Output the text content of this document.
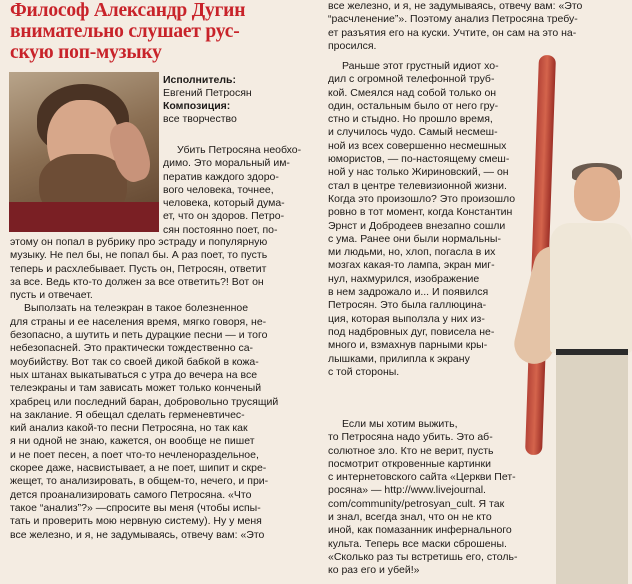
Философ Александр Дугин
внимательно слушает рус-
скую поп-музыку
Исполнитель:
Евгений Петросян
Композиция:
все творчество
Убить Петросяна необхо-
димо. Это моральный им-
ператив каждого здоро-
вого человека, точнее,
человека, который дума-
ет, что он здоров. Петро-
сян постоянно поет, по-
этому он попал в рубрику про эстраду и популярную
музыку. Не пел бы, не попал бы. А раз поет, то пусть
теперь и расхлебывает. Пусть он, Петросян, ответит
за все. Ведь кто-то должен за все ответить?! Вот он
пусть и отвечает.
Выползать на телеэкран в такое болезненное
для страны и ее населения время, мягко говоря, не-
безопасно, а шутить и петь дурацкие песни — и того
небезопасней. Это практически тождественно са-
моубийству. Вот так со своей дикой бабкой в кожа-
ных штанах выкатываться с утра до вечера на все
телеэкраны и там зависать может только конченый
храбрец или последний баран, добровольно трусящий
на заклание. Я обещал сделать герменевтичес-
кий анализ какой-то песни Петросяна, но так как
я ни одной не знаю, кажется, он вообще не пишет
и не поет песен, а поет что-то нечленораздельное,
скорее даже, насвистывает, а не поет, шипит и скре-
жещет, то анализировать, в общем-то, нечего, и при-
дется проанализировать самого Петросяна. «Что
такое “анализ”?» —спросите вы меня (чтобы испы-
тать и проверить мою нервную систему). Ну у меня
все железно, и я, не задумываясь, отвечу вам: «Это
все железно, и я, не задумываясь, отвечу вам: «Это
“расчленение”». Поэтому анализ Петросяна требу-
ет разъятия его на куски. Учтите, он сам на это на-
просился.
Раньше этот грустный идиот хо-
дил с огромной телефонной труб-
кой. Смеялся над собой только он
один, остальным было от него гру-
стно и стыдно. Но прошло время,
и случилось чудо. Самый несмеш-
ной из всех совершенно несмешных
юмористов, — по-настоящему смеш-
ной у нас только Жириновский, — он
стал в центре телевизионной жизни.
Когда это произошло? Это произошло
ровно в тот момент, когда Константин
Эрнст и Добродеев внезапно сошли
с ума. Ранее они были нормальны-
ми людьми, но, хлоп, погасла в их
мозгах какая-то лампа, экран миг-
нул, нахмурился, изображение
в нем задрожало и... И появился
Петросян. Это была галлюцина-
ция, которая выползла у них из-
под надбровных дуг, повисела не-
много и, взмахнув парными кры-
лышками, прилипла к экрану
с той стороны.
Если мы хотим выжить,
то Петросяна надо убить. Это аб-
солютное зло. Кто не верит, пусть
посмотрит откровенные картинки
с интернетовского сайта «Церкви Пет-
росяна» — http://www.livejournal.
com/community/petrosyan_cult. Я так
и знал, всегда знал, что он не кто
иной, как помазанник инфернального
культа. Теперь все маски сброшены.
«Сколько раз ты встретишь его, столь-
ко раз его и убей!»
